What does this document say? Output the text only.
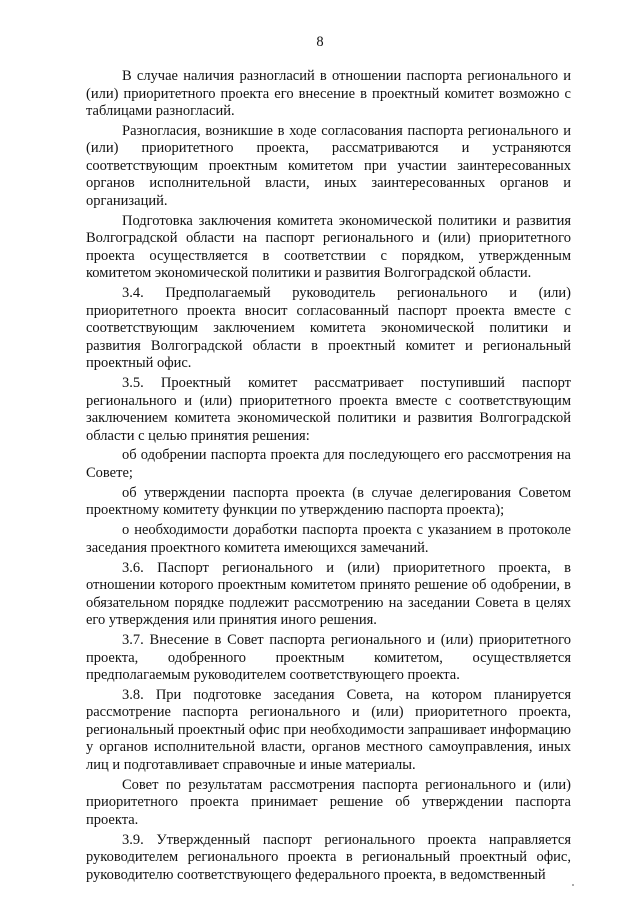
8

В случае наличия разногласий в отношении паспорта регионального и (или) приоритетного проекта его внесение в проектный комитет возможно с таблицами разногласий.

Разногласия, возникшие в ходе согласования паспорта регионального и (или) приоритетного проекта, рассматриваются и устраняются соответствующим проектным комитетом при участии заинтересованных органов исполнительной власти, иных заинтересованных органов и организаций.

Подготовка заключения комитета экономической политики и развития Волгоградской области на паспорт регионального и (или) приоритетного проекта осуществляется в соответствии с порядком, утвержденным комитетом экономической политики и развития Волгоградской области.

3.4. Предполагаемый руководитель регионального и (или) приоритетного проекта вносит согласованный паспорт проекта вместе с соответствующим заключением комитета экономической политики и развития Волгоградской области в проектный комитет и региональный проектный офис.

3.5. Проектный комитет рассматривает поступивший паспорт регионального и (или) приоритетного проекта вместе с соответствующим заключением комитета экономической политики и развития Волгоградской области с целью принятия решения:

об одобрении паспорта проекта для последующего его рассмотрения на Совете;

об утверждении паспорта проекта (в случае делегирования Советом проектному комитету функции по утверждению паспорта проекта);

о необходимости доработки паспорта проекта с указанием в протоколе заседания проектного комитета имеющихся замечаний.

3.6. Паспорт регионального и (или) приоритетного проекта, в отношении которого проектным комитетом принято решение об одобрении, в обязательном порядке подлежит рассмотрению на заседании Совета в целях его утверждения или принятия иного решения.

3.7. Внесение в Совет паспорта регионального и (или) приоритетного проекта, одобренного проектным комитетом, осуществляется предполагаемым руководителем соответствующего проекта.

3.8. При подготовке заседания Совета, на котором планируется рассмотрение паспорта регионального и (или) приоритетного проекта, региональный проектный офис при необходимости запрашивает информацию у органов исполнительной власти, органов местного самоуправления, иных лиц и подготавливает справочные и иные материалы.

Совет по результатам рассмотрения паспорта регионального и (или) приоритетного проекта принимает решение об утверждении паспорта проекта.

3.9. Утвержденный паспорт регионального проекта направляется руководителем регионального проекта в региональный проектный офис, руководителю соответствующего федерального проекта, в ведомственный
